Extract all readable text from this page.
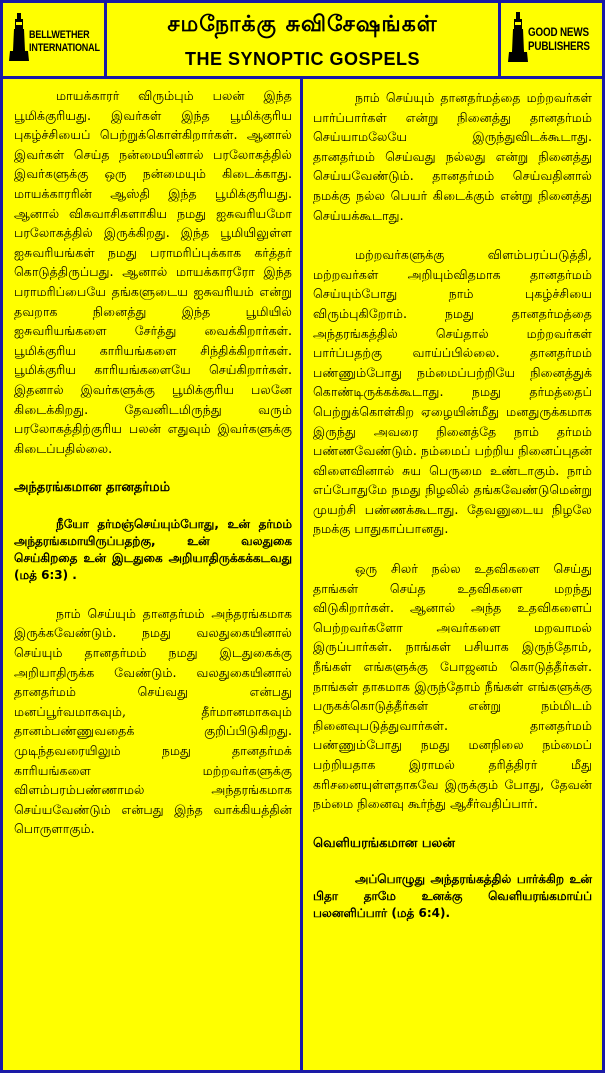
BELLWETHER
INTERNATIONAL
சமநோக்கு சுவிசேஷங்கள்
THE SYNOPTIC GOSPELS
GOOD NEWS
PUBLISHERS

மாயக்காரர் விரும்பும் பலன் இந்த பூமிக்குரியது. இவர்கள் இந்த பூமிக்குரிய புகழ்ச்சியைப் பெற்றுக்கொள்கிறார்கள். ஆனால் இவர்கள் செய்த நன்மையினால் பரலோகத்தில் இவர்களுக்கு ஒரு நன்மையும் கிடைக்காது. மாயக்காரரின் ஆஸ்தி இந்த பூமிக்குரியது. ஆனால் விசுவாசிகளாகிய நமது ஐசுவரியமோ பரலோகத்தில் இருக்கிறது. இந்த பூமியிலுள்ள ஐசுவரியங்கள் நமது பராமரிப்புக்காக கர்த்தர் கொடுத்திருப்பது. ஆனால் மாயக்காரரோ இந்த பராமரிப்பையே தங்களுடைய ஐசுவரியம் என்று தவறாக நினைத்து இந்த பூமியில் ஐசுவரியங்களை சேர்த்து வைக்கிறார்கள். பூமிக்குரிய காரியங்களை சிந்திக்கிறார்கள். பூமிக்குரிய காரியங்களையே செய்கிறார்கள். இதனால் இவர்களுக்கு பூமிக்குரிய பலனே கிடைக்கிறது. தேவனிடமிருந்து வரும் பரலோகத்திற்குரிய பலன் எதுவும் இவர்களுக்கு கிடைப்பதில்லை.

அந்தரங்கமான தானதர்மம்

நீயோ தர்மஞ்செய்யும்போது, உன் தர்மம் அந்தரங்கமாயிருப்பதற்கு, உன் வலதுகை செய்கிறதை உன் இடதுகை அறியாதிருக்கக்கடவது (மத் 6:3) .

நாம் செய்யும் தானதர்மம் அந்தரங்கமாக இருக்கவேண்டும். நமது வலதுகையினால் செய்யும் தானதர்மம் நமது இடதுகைக்கு அறியாதிருக்க வேண்டும். வலதுகையினால் தானதர்மம் செய்வது என்பது மனப்பூர்வமாகவும், தீர்மானமாகவும் தானம்பண்ணுவதைக் குறிப்பிடுகிறது. முடிந்தவரையிலும் நமது தானதர்மக் காரியங்களை மற்றவர்களுக்கு விளம்பரம்பண்ணாமல் அந்தரங்கமாக செய்யவேண்டும் என்பது இந்த வாக்கியத்தின் பொருளாகும்.

நாம் செய்யும் தானதர்மத்தை மற்றவர்கள் பார்ப்பார்கள் என்று நினைத்து தானதர்மம் செய்யாமலேயே இருந்துவிடக்கூடாது. தானதர்மம் செய்வது நல்லது என்று நினைத்து செய்யவேண்டும். தானதர்மம் செய்வதினால் நமக்கு நல்ல பெயர் கிடைக்கும் என்று நினைத்து செய்யக்கூடாது.

மற்றவர்களுக்கு விளம்பரப்படுத்தி, மற்றவர்கள் அறியும்விதமாக தானதர்மம் செய்யும்போது நாம் புகழ்ச்சியை விரும்புகிறோம். நமது தானதர்மத்தை அந்தரங்கத்தில் செய்தால் மற்றவர்கள் பார்ப்பதற்கு வாய்ப்பில்லை. தானதர்மம் பண்ணும்போது நம்மைப்பற்றியே நினைத்துக் கொண்டிருக்கக்கூடாது. நமது தர்மத்தைப் பெற்றுக்கொள்கிற ஏழையின்மீது மனதுருக்கமாக இருந்து அவரை நினைத்தே நாம் தர்மம் பண்ணவேண்டும். நம்மைப் பற்றிய நினைப்புதன் விளைவினால் சுய பெருமை உண்டாகும். நாம் எப்போதுமே நமது நிழலில் தங்கவேண்டுமென்று முயற்சி பண்ணக்கூடாது. தேவனுடைய நிழலே நமக்கு பாதுகாப்பானது.

ஒரு சிலர் நல்ல உதவிகளை செய்து தாங்கள் செய்த உதவிகளை மறந்து விடுகிறார்கள். ஆனால் அந்த உதவிகளைப் பெற்றவர்களோ அவர்களை மறவாமல் இருப்பார்கள். நாங்கள் பசியாக இருந்தோம், நீங்கள் எங்களுக்கு போஜனம் கொடுத்தீர்கள். நாங்கள் தாகமாக இருந்தோம் நீங்கள் எங்களுக்கு பருகக்கொடுத்தீர்கள் என்று நம்மிடம் நினைவுபடுத்துவார்கள். தானதர்மம் பண்ணும்போது நமது மனநிலை நம்மைப் பற்றியதாக இராமல் தரித்திரர் மீது கரிசனையுள்ளதாகவே இருக்கும் போது, தேவன் நம்மை நினைவு கூர்ந்து ஆசீர்வதிப்பார்.

வெளியரங்கமான பலன்

அப்பொழுது அந்தரங்கத்தில் பார்க்கிற உன் பிதா தாமே உனக்கு வெளியரங்கமாய்ப் பலனளிப்பார் (மத் 6:4).
